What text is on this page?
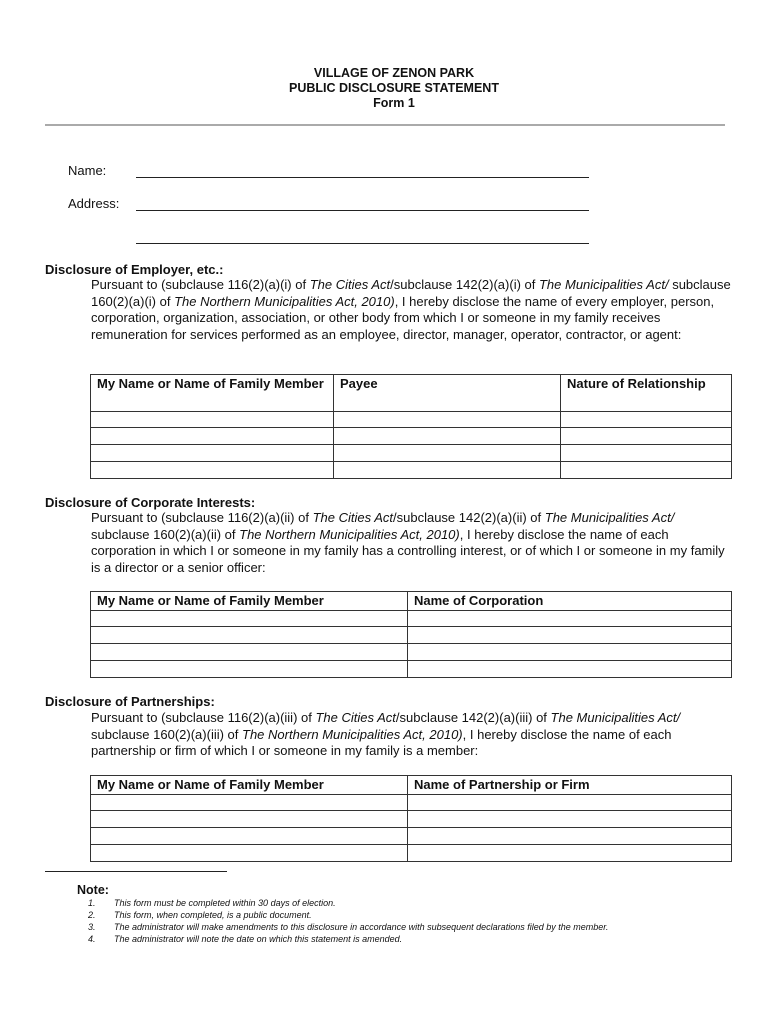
VILLAGE OF ZENON PARK
PUBLIC DISCLOSURE STATEMENT
Form 1
Name:
Address:
Disclosure of Employer, etc.:
Pursuant to (subclause 116(2)(a)(i) of The Cities Act/subclause 142(2)(a)(i) of The Municipalities Act/ subclause 160(2)(a)(i) of The Northern Municipalities Act, 2010), I hereby disclose the name of every employer, person, corporation, organization, association, or other body from which I or someone in my family receives remuneration for services performed as an employee, director, manager, operator, contractor, or agent:
My Name or Name of Family Member	Payee	Nature of Relationship

Disclosure of Corporate Interests:
Pursuant to (subclause 116(2)(a)(ii) of The Cities Act/subclause 142(2)(a)(ii) of The Municipalities Act/ subclause 160(2)(a)(ii) of The Northern Municipalities Act, 2010), I hereby disclose the name of each corporation in which I or someone in my family has a controlling interest, or of which I or someone in my family is a director or a senior officer:
My Name or Name of Family Member	Name of Corporation

Disclosure of Partnerships:
Pursuant to (subclause 116(2)(a)(iii) of The Cities Act/subclause 142(2)(a)(iii) of The Municipalities Act/ subclause 160(2)(a)(iii) of The Northern Municipalities Act, 2010), I hereby disclose the name of each partnership or firm of which I or someone in my family is a member:
My Name or Name of Family Member	Name of Partnership or Firm

Note:
1. This form must be completed within 30 days of election.
2. This form, when completed, is a public document.
3. The administrator will make amendments to this disclosure in accordance with subsequent declarations filed by the member.
4. The administrator will note the date on which this statement is amended.
